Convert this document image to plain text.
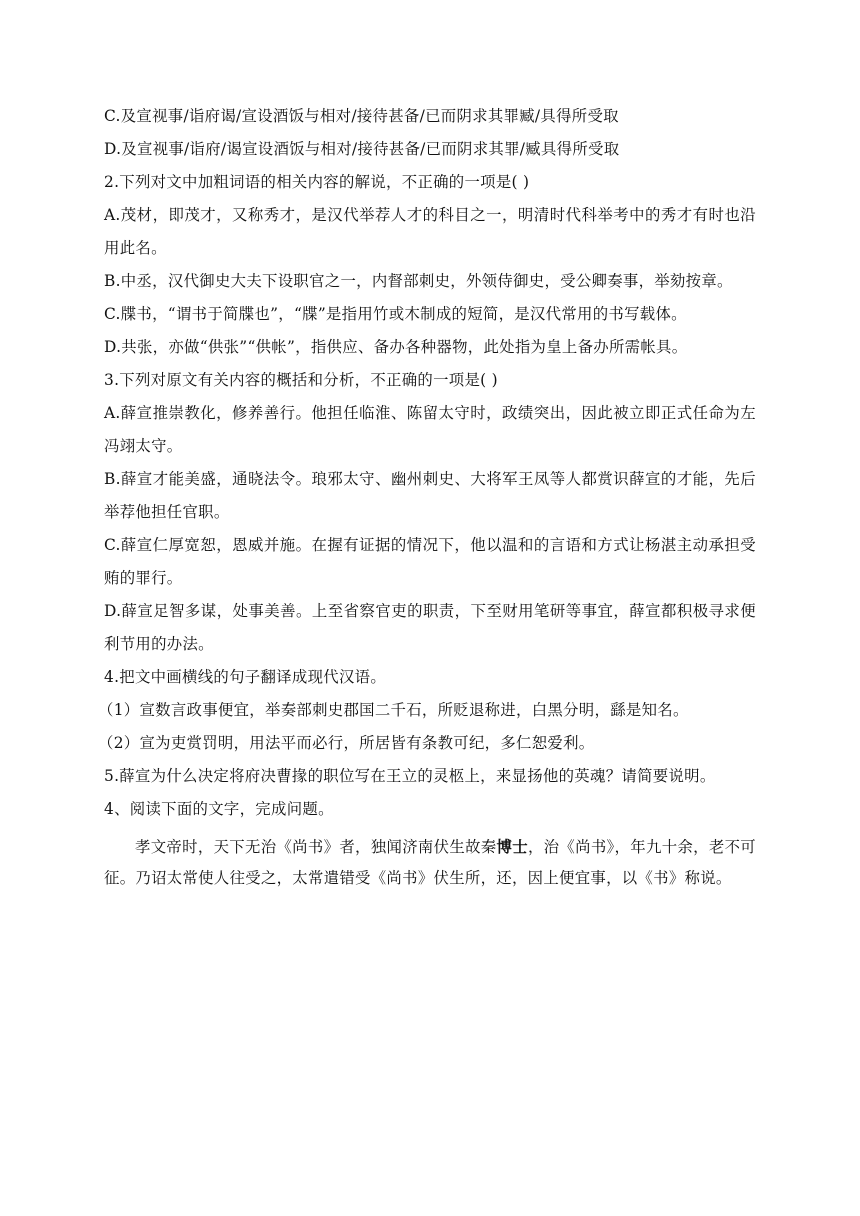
C.及宣视事/诣府谒/宣设酒饭与相对/接待甚备/已而阴求其罪臧/具得所受取

D.及宣视事/诣府/谒宣设酒饭与相对/接待甚备/已而阴求其罪/臧具得所受取

2.下列对文中加粗词语的相关内容的解说，不正确的一项是( )

A.茂材，即茂才，又称秀才，是汉代举荐人才的科目之一，明清时代科举考中的秀才有时也沿用此名。

B.中丞，汉代御史大夫下设职官之一，内督部刺史，外领侍御史，受公卿奏事，举劾按章。

C.牒书，“谓书于简牒也”，“牒”是指用竹或木制成的短简，是汉代常用的书写载体。

D.共张，亦做“供张”“供帐”，指供应、备办各种器物，此处指为皇上备办所需帐具。

3.下列对原文有关内容的概括和分析，不正确的一项是( )

A.薛宣推崇教化，修养善行。他担任临淮、陈留太守时，政绩突出，因此被立即正式任命为左冯翊太守。

B.薛宣才能美盛，通晓法令。琅邪太守、幽州刺史、大将军王凤等人都赏识薛宣的才能，先后举荐他担任官职。

C.薛宣仁厚宽恕，恩威并施。在握有证据的情况下，他以温和的言语和方式让杨湛主动承担受贿的罪行。

D.薛宣足智多谋，处事美善。上至省察官吏的职责，下至财用笔研等事宜，薛宣都积极寻求便利节用的办法。

4.把文中画横线的句子翻译成现代汉语。

（1）宣数言政事便宜，举奏部刺史郡国二千石，所贬退称进，白黑分明，繇是知名。

（2）宣为吏赏罚明，用法平而必行，所居皆有条教可纪，多仁恕爱利。

5.薛宣为什么决定将府决曹掾的职位写在王立的灵柩上，来显扬他的英魂？请简要说明。

4、阅读下面的文字，完成问题。

孝文帝时，天下无治《尚书》者，独闻济南伏生故秦博士，治《尚书》，年九十余，老不可征。乃诏太常使人往受之，太常遣错受《尚书》伏生所，还，因上便宜事，以《书》称说。
